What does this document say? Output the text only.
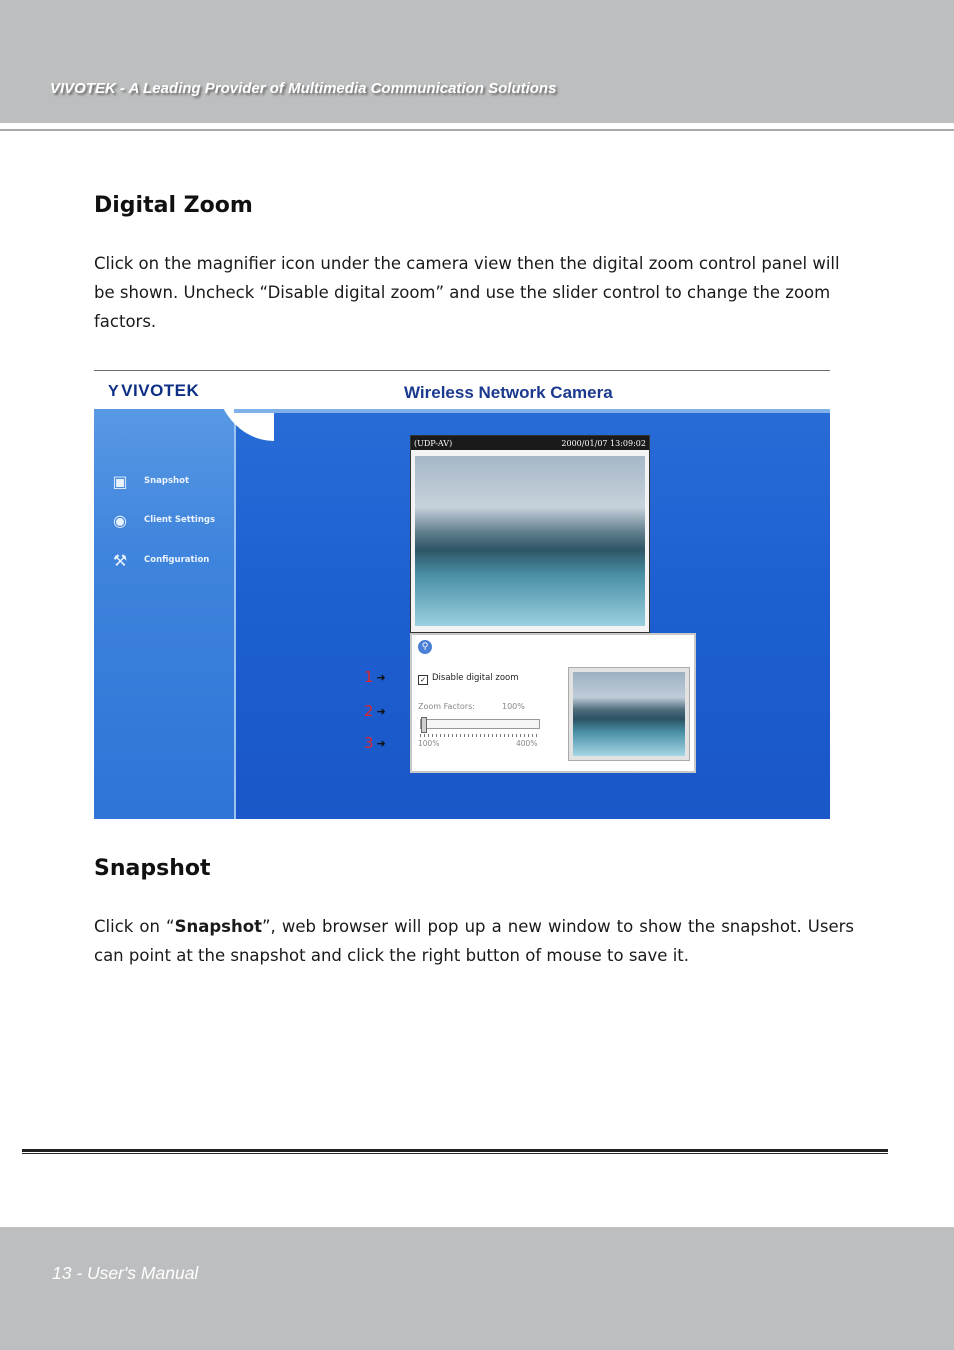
VIVOTEK - A Leading Provider of Multimedia Communication Solutions
Digital Zoom

Click on the magnifier icon under the camera view then the digital zoom control panel will be shown. Uncheck “Disable digital zoom” and use the slider control to change the zoom factors.

▣ Snapshot
◉	Client Settings
⚒	Configuration
Y VIVOTEK	Wireless Network Camera
(UDP-AV)	2000/01/07 13:09:02
⚲
✓ Disable digital zoom
Zoom Factors:	100%
100%	400%
1 ➜
2 ➜
3 ➜
Snapshot

Click on “Snapshot”, web browser will pop up a new window to show the snapshot. Users can point at the snapshot and click the right button of mouse to save it.

13 - User's Manual
